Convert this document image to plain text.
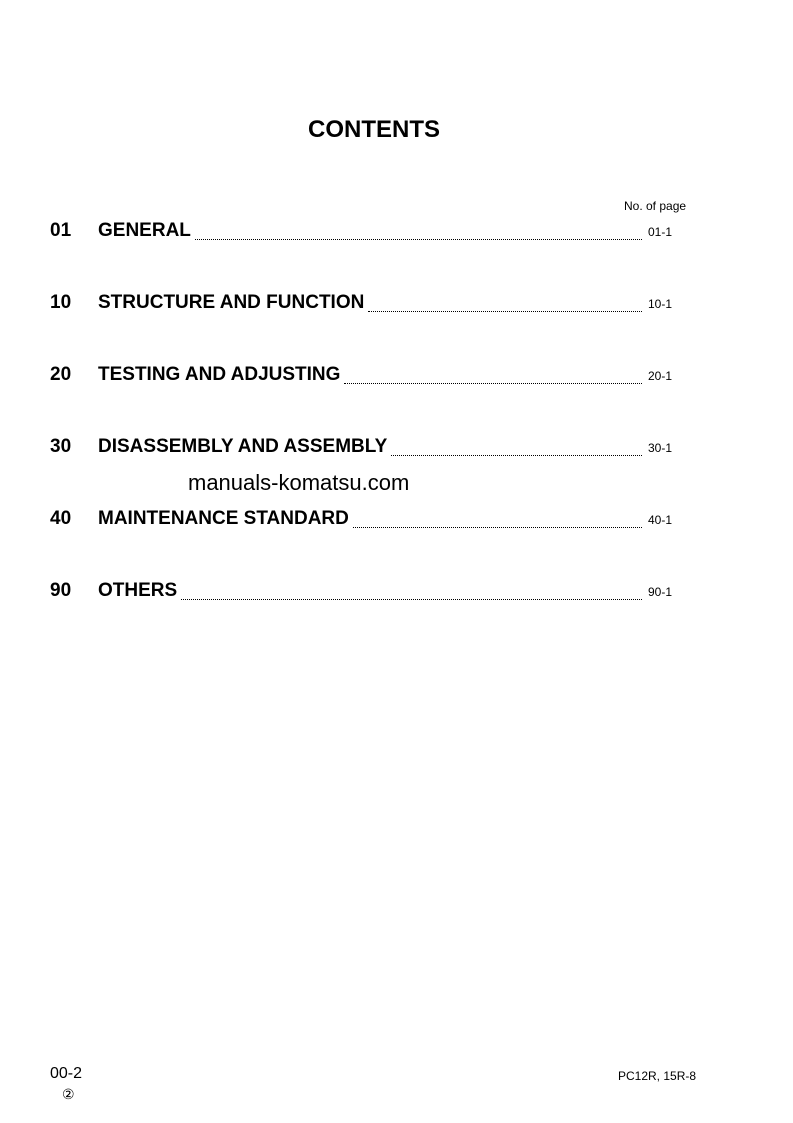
CONTENTS
No. of page
01	GENERAL	01-1
10	STRUCTURE AND FUNCTION	10-1
20	TESTING AND ADJUSTING	20-1
30	DISASSEMBLY AND ASSEMBLY	30-1
40	MAINTENANCE STANDARD	40-1
90	OTHERS	90-1
manuals-komatsu.com
00-2
②
PC12R, 15R-8
